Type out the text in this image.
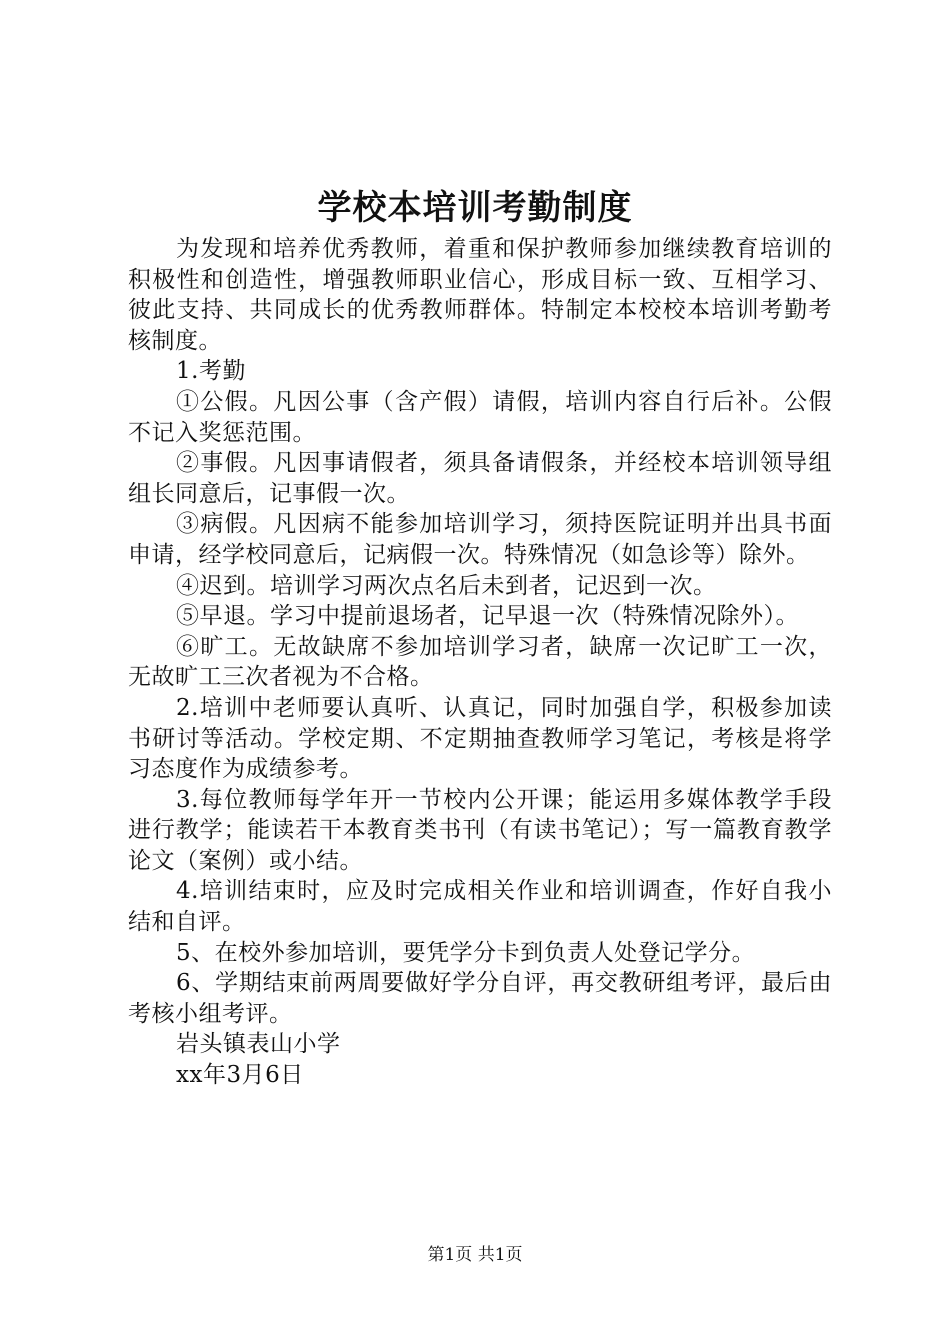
学校本培训考勤制度

为发现和培养优秀教师，着重和保护教师参加继续教育培训的积极性和创造性，增强教师职业信心，形成目标一致、互相学习、彼此支持、共同成长的优秀教师群体。特制定本校校本培训考勤考核制度。

1.考勤

①公假。凡因公事（含产假）请假，培训内容自行后补。公假不记入奖惩范围。

②事假。凡因事请假者，须具备请假条，并经校本培训领导组组长同意后，记事假一次。

③病假。凡因病不能参加培训学习，须持医院证明并出具书面申请，经学校同意后，记病假一次。特殊情况（如急诊等）除外。

④迟到。培训学习两次点名后未到者，记迟到一次。

⑤早退。学习中提前退场者，记早退一次（特殊情况除外）。

⑥旷工。无故缺席不参加培训学习者，缺席一次记旷工一次，无故旷工三次者视为不合格。

2.培训中老师要认真听、认真记，同时加强自学，积极参加读书研讨等活动。学校定期、不定期抽查教师学习笔记，考核是将学习态度作为成绩参考。

3.每位教师每学年开一节校内公开课；能运用多媒体教学手段进行教学；能读若干本教育类书刊（有读书笔记）；写一篇教育教学论文（案例）或小结。

4.培训结束时，应及时完成相关作业和培训调查，作好自我小结和自评。

5、在校外参加培训，要凭学分卡到负责人处登记学分。

6、学期结束前两周要做好学分自评，再交教研组考评，最后由考核小组考评。

岩头镇表山小学

xx年3月6日

第1页 共1页
